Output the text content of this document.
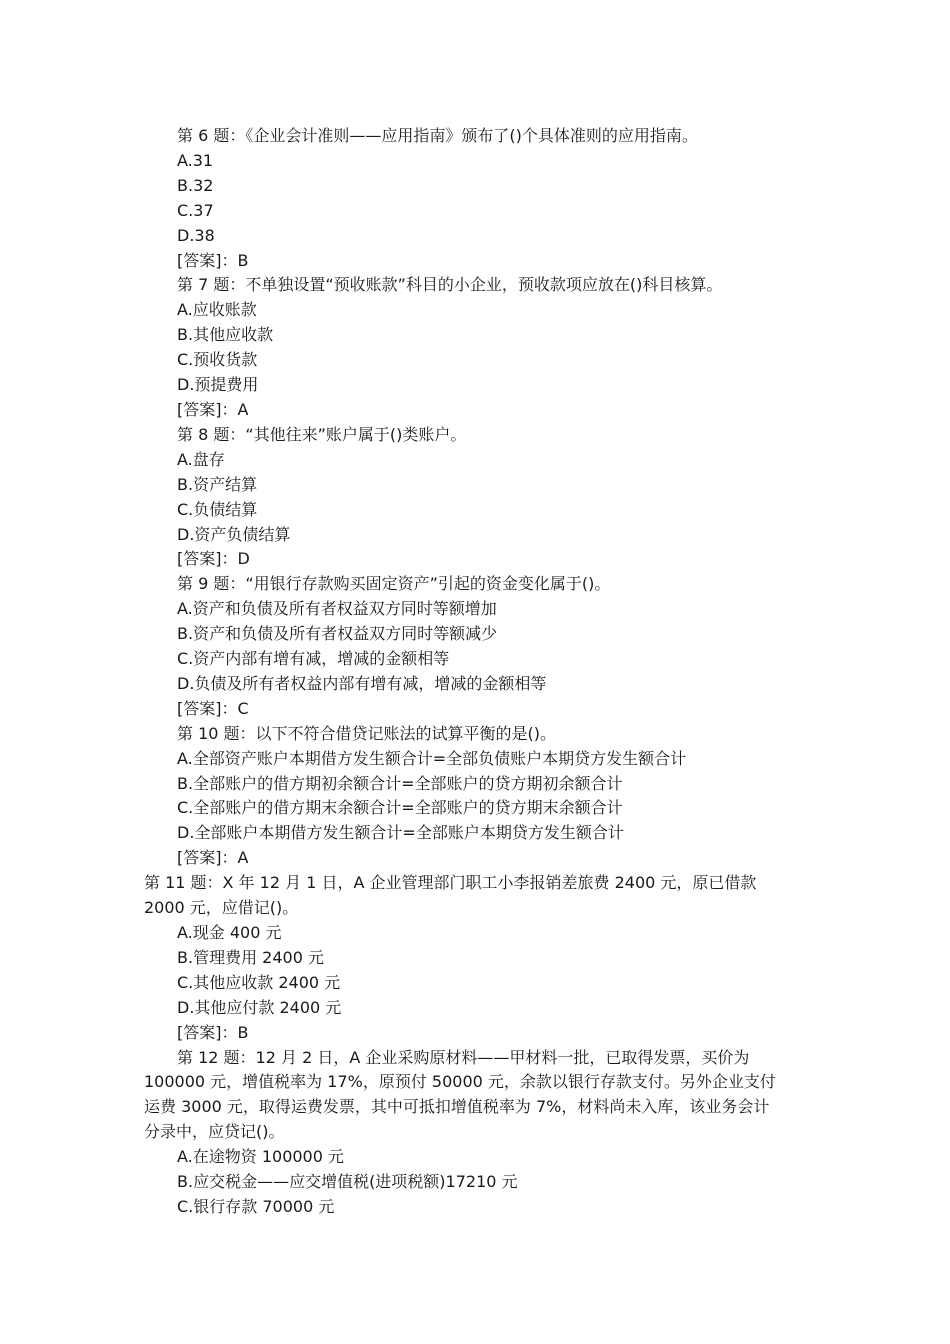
第 6 题：《企业会计准则——应用指南》颁布了()个具体准则的应用指南。

A.31

B.32

C.37

D.38

[答案]：B

第 7 题：不单独设置“预收账款”科目的小企业，预收款项应放在()科目核算。

A.应收账款

B.其他应收款

C.预收货款

D.预提费用

[答案]：A

第 8 题：“其他往来”账户属于()类账户。

A.盘存

B.资产结算

C.负债结算

D.资产负债结算

[答案]：D

第 9 题：“用银行存款购买固定资产”引起的资金变化属于()。

A.资产和负债及所有者权益双方同时等额增加

B.资产和负债及所有者权益双方同时等额减少

C.资产内部有增有减，增减的金额相等

D.负债及所有者权益内部有增有减，增减的金额相等

[答案]：C

第 10 题：以下不符合借贷记账法的试算平衡的是()。

A.全部资产账户本期借方发生额合计=全部负债账户本期贷方发生额合计

B.全部账户的借方期初余额合计=全部账户的贷方期初余额合计

C.全部账户的借方期末余额合计=全部账户的贷方期末余额合计

D.全部账户本期借方发生额合计=全部账户本期贷方发生额合计

[答案]：A

第 11 题：X 年 12 月 1 日，A 企业管理部门职工小李报销差旅费 2400 元，原已借款

2000 元，应借记()。

A.现金 400 元

B.管理费用 2400 元

C.其他应收款 2400 元

D.其他应付款 2400 元

[答案]：B

第 12 题：12 月 2 日，A 企业采购原材料——甲材料一批，已取得发票，买价为

100000 元，增值税率为 17%，原预付 50000 元，余款以银行存款支付。另外企业支付

运费 3000 元，取得运费发票，其中可抵扣增值税率为 7%，材料尚未入库，该业务会计

分录中，应贷记()。

A.在途物资 100000 元

B.应交税金——应交增值税(进项税额)17210 元

C.银行存款 70000 元
